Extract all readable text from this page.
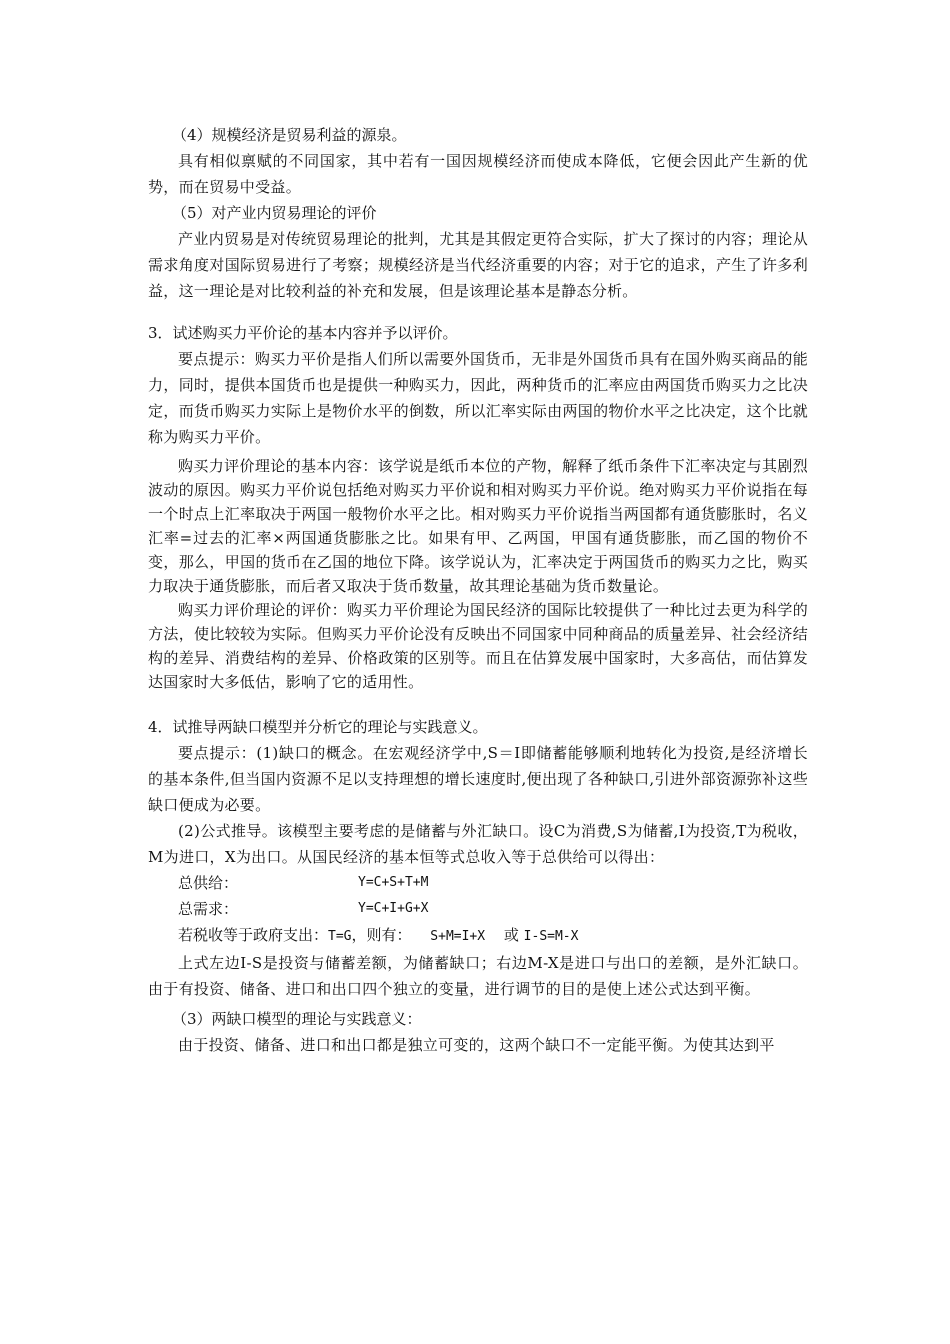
（4）规模经济是贸易利益的源泉。

具有相似禀赋的不同国家，其中若有一国因规模经济而使成本降低，它便会因此产生新的优势，而在贸易中受益。

（5）对产业内贸易理论的评价

产业内贸易是对传统贸易理论的批判，尤其是其假定更符合实际，扩大了探讨的内容；理论从需求角度对国际贸易进行了考察；规模经济是当代经济重要的内容；对于它的追求，产生了许多利益，这一理论是对比较利益的补充和发展，但是该理论基本是静态分析。

3．试述购买力平价论的基本内容并予以评价。

要点提示：购买力平价是指人们所以需要外国货币，无非是外国货币具有在国外购买商品的能力，同时，提供本国货币也是提供一种购买力，因此，两种货币的汇率应由两国货币购买力之比决定，而货币购买力实际上是物价水平的倒数，所以汇率实际由两国的物价水平之比决定，这个比就称为购买力平价。

购买力评价理论的基本内容：该学说是纸币本位的产物，解释了纸币条件下汇率决定与其剧烈波动的原因。购买力平价说包括绝对购买力平价说和相对购买力平价说。绝对购买力平价说指在每一个时点上汇率取决于两国一般物价水平之比。相对购买力平价说指当两国都有通货膨胀时，名义汇率=过去的汇率×两国通货膨胀之比。如果有甲、乙两国，甲国有通货膨胀，而乙国的物价不变，那么，甲国的货币在乙国的地位下降。该学说认为，汇率决定于两国货币的购买力之比，购买力取决于通货膨胀，而后者又取决于货币数量，故其理论基础为货币数量论。

购买力评价理论的评价：购买力平价理论为国民经济的国际比较提供了一种比过去更为科学的方法，使比较较为实际。但购买力平价论没有反映出不同国家中同种商品的质量差异、社会经济结构的差异、消费结构的差异、价格政策的区别等。而且在估算发展中国家时，大多高估，而估算发达国家时大多低估，影响了它的适用性。

4．试推导两缺口模型并分析它的理论与实践意义。

要点提示：(1)缺口的概念。在宏观经济学中,S＝I即储蓄能够顺利地转化为投资,是经济增长的基本条件,但当国内资源不足以支持理想的增长速度时,便出现了各种缺口,引进外部资源弥补这些缺口便成为必要。

(2)公式推导。该模型主要考虑的是储蓄与外汇缺口。设C为消费,S为储蓄,I为投资,T为税收，M为进口，X为出口。从国民经济的基本恒等式总收入等于总供给可以得出：

总供给：	Y=C+S+T+M
总需求：	Y=C+I+G+X

若税收等于政府支出：T=G，则有： S+M=I+X 或 I-S=M-X

上式左边I-S是投资与储蓄差额，为储蓄缺口；右边M-X是进口与出口的差额，是外汇缺口。由于有投资、储备、进口和出口四个独立的变量，进行调节的目的是使上述公式达到平衡。

（3）两缺口模型的理论与实践意义：

由于投资、储备、进口和出口都是独立可变的，这两个缺口不一定能平衡。为使其达到平
